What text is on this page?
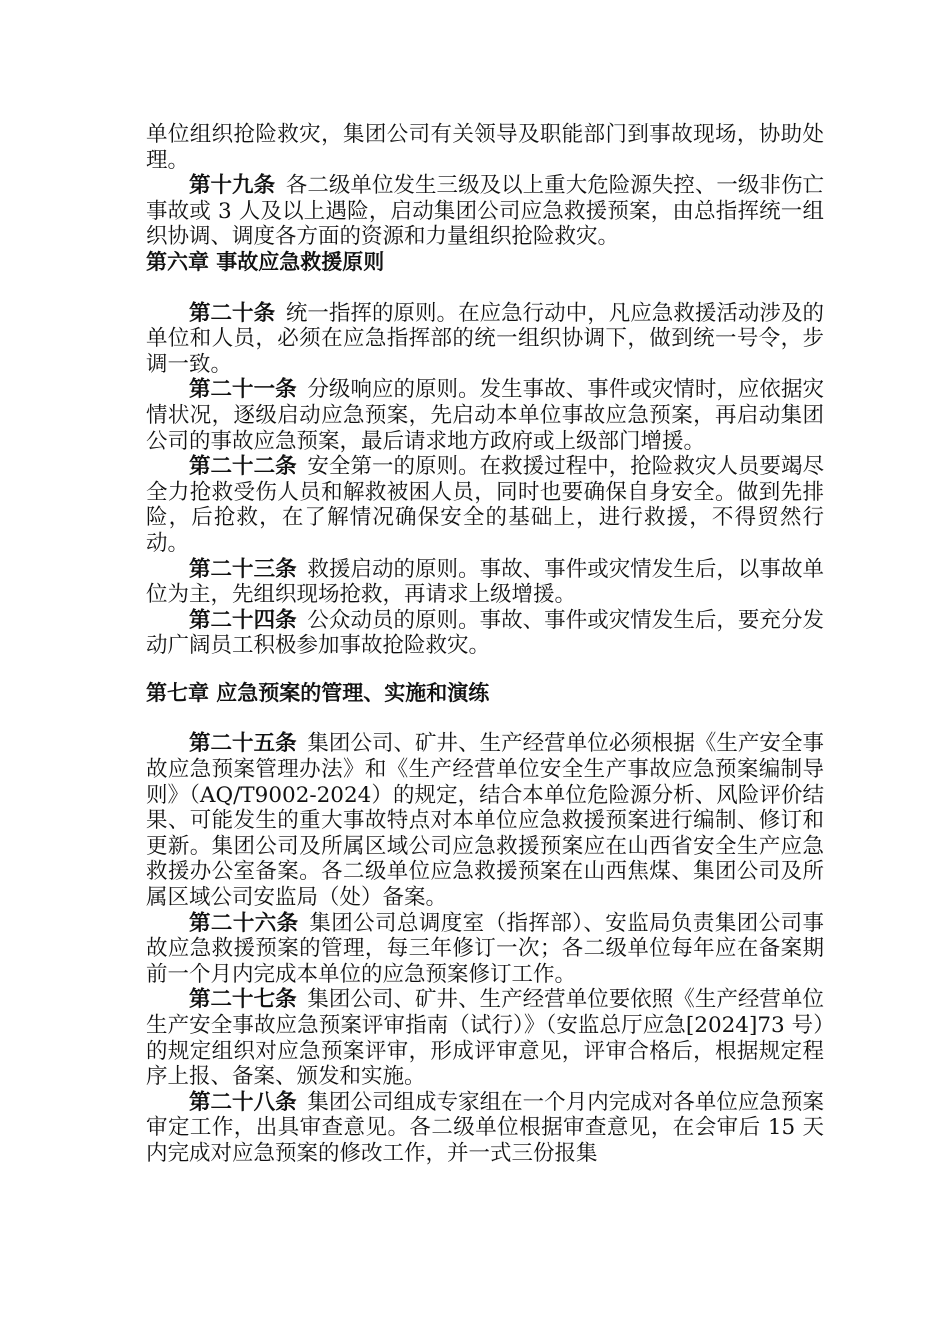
单位组织抢险救灾，集团公司有关领导及职能部门到事故现场，协助处理。

第十九条 各二级单位发生三级及以上重大危险源失控、一级非伤亡事故或 3 人及以上遇险，启动集团公司应急救援预案，由总指挥统一组织协调、调度各方面的资源和力量组织抢险救灾。

第六章 事故应急救援原则

第二十条 统一指挥的原则。在应急行动中，凡应急救援活动涉及的单位和人员，必须在应急指挥部的统一组织协调下，做到统一号令，步调一致。

第二十一条 分级响应的原则。发生事故、事件或灾情时，应依据灾情状况，逐级启动应急预案，先启动本单位事故应急预案，再启动集团公司的事故应急预案，最后请求地方政府或上级部门增援。

第二十二条 安全第一的原则。在救援过程中，抢险救灾人员要竭尽全力抢救受伤人员和解救被困人员，同时也要确保自身安全。做到先排险，后抢救，在了解情况确保安全的基础上，进行救援，不得贸然行动。

第二十三条 救援启动的原则。事故、事件或灾情发生后，以事故单位为主，先组织现场抢救，再请求上级增援。

第二十四条 公众动员的原则。事故、事件或灾情发生后，要充分发动广阔员工积极参加事故抢险救灾。

第七章 应急预案的管理、实施和演练

第二十五条 集团公司、矿井、生产经营单位必须根据《生产安全事故应急预案管理办法》和《生产经营单位安全生产事故应急预案编制导则》（AQ/T9002-2024）的规定，结合本单位危险源分析、风险评价结果、可能发生的重大事故特点对本单位应急救援预案进行编制、修订和更新。集团公司及所属区域公司应急救援预案应在山西省安全生产应急救援办公室备案。各二级单位应急救援预案在山西焦煤、集团公司及所属区域公司安监局（处）备案。

第二十六条 集团公司总调度室（指挥部）、安监局负责集团公司事故应急救援预案的管理，每三年修订一次；各二级单位每年应在备案期前一个月内完成本单位的应急预案修订工作。

第二十七条 集团公司、矿井、生产经营单位要依照《生产经营单位生产安全事故应急预案评审指南（试行）》（安监总厅应急[2024]73 号）的规定组织对应急预案评审，形成评审意见，评审合格后，根据规定程序上报、备案、颁发和实施。

第二十八条 集团公司组成专家组在一个月内完成对各单位应急预案审定工作，出具审查意见。各二级单位根据审查意见，在会审后 15 天内完成对应急预案的修改工作，并一式三份报集
